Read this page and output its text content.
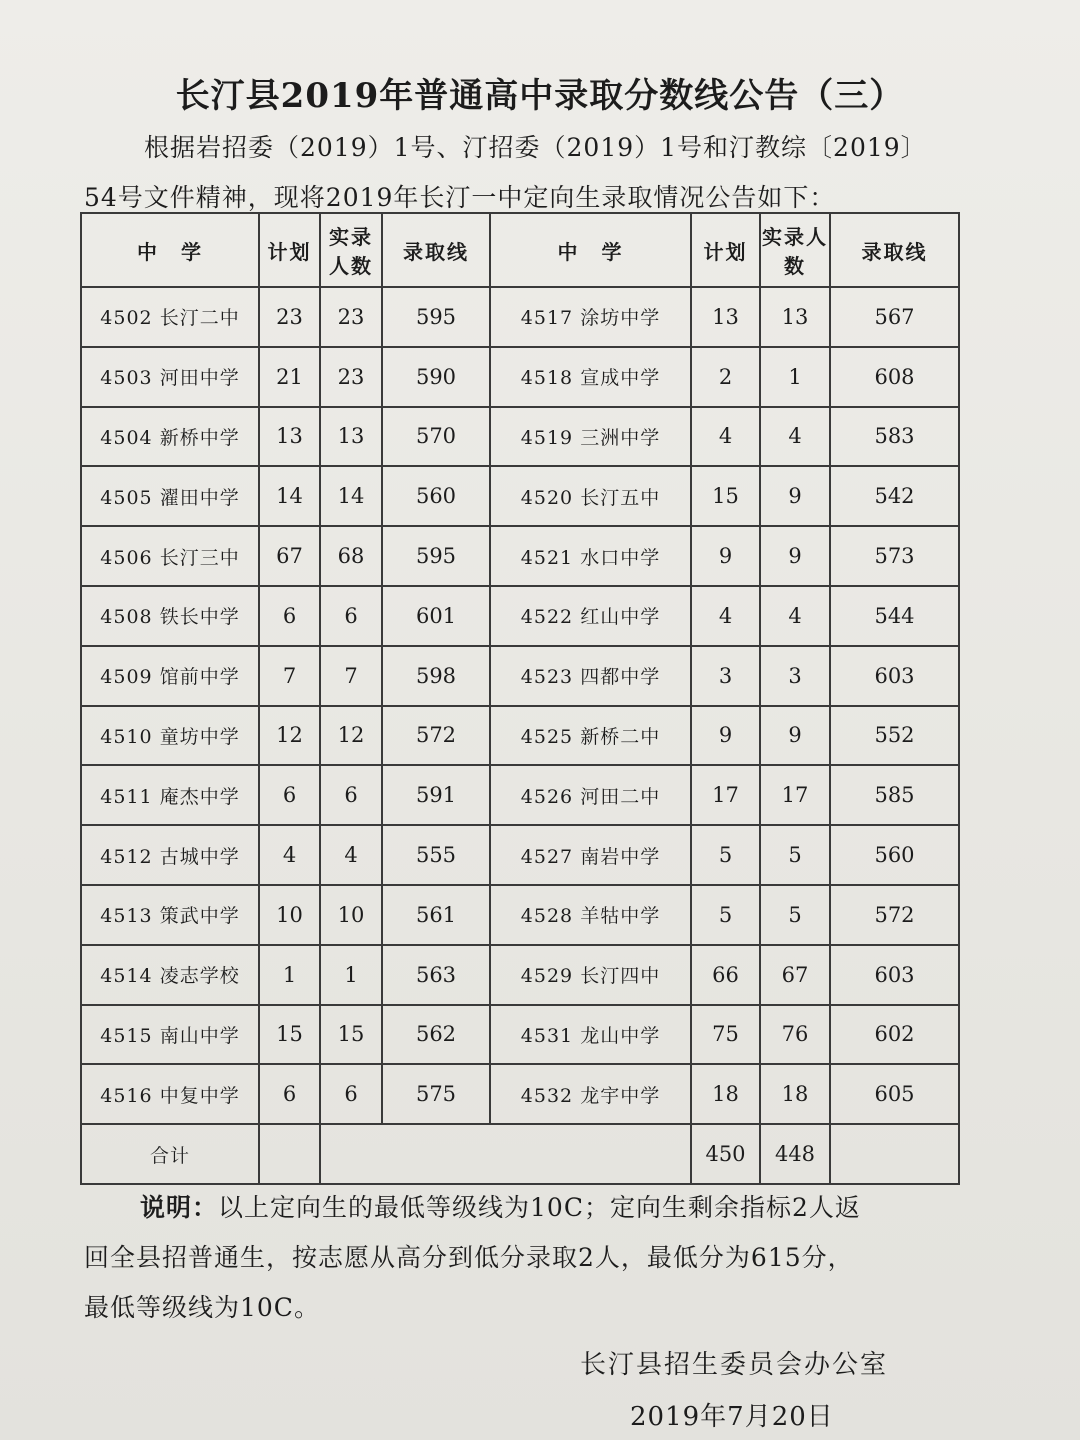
长汀县2019年普通高中录取分数线公告（三）
根据岩招委（2019）1号、汀招委（2019）1号和汀教综〔2019〕
54号文件精神，现将2019年长汀一中定向生录取情况公告如下：
中　学	计划	实录人数	录取线	中　学	计划	实录人数	录取线
4502 长汀二中	23	23	595	4517 涂坊中学	13	13	567
4503 河田中学	21	23	590	4518 宣成中学	2	1	608
4504 新桥中学	13	13	570	4519 三洲中学	4	4	583
4505 濯田中学	14	14	560	4520 长汀五中	15	9	542
4506 长汀三中	67	68	595	4521 水口中学	9	9	573
4508 铁长中学	6	6	601	4522 红山中学	4	4	544
4509 馆前中学	7	7	598	4523 四都中学	3	3	603
4510 童坊中学	12	12	572	4525 新桥二中	9	9	552
4511 庵杰中学	6	6	591	4526 河田二中	17	17	585
4512 古城中学	4	4	555	4527 南岩中学	5	5	560
4513 策武中学	10	10	561	4528 羊牯中学	5	5	572
4514 凌志学校	1	1	563	4529 长汀四中	66	67	603
4515 南山中学	15	15	562	4531 龙山中学	75	76	602
4516 中复中学	6	6	575	4532 龙宇中学	18	18	605
合计					450	448	
说明：以上定向生的最低等级线为10C；定向生剩余指标2人返
回全县招普通生，按志愿从高分到低分录取2人，最低分为615分，
最低等级线为10C。
长汀县招生委员会办公室
2019年7月20日
